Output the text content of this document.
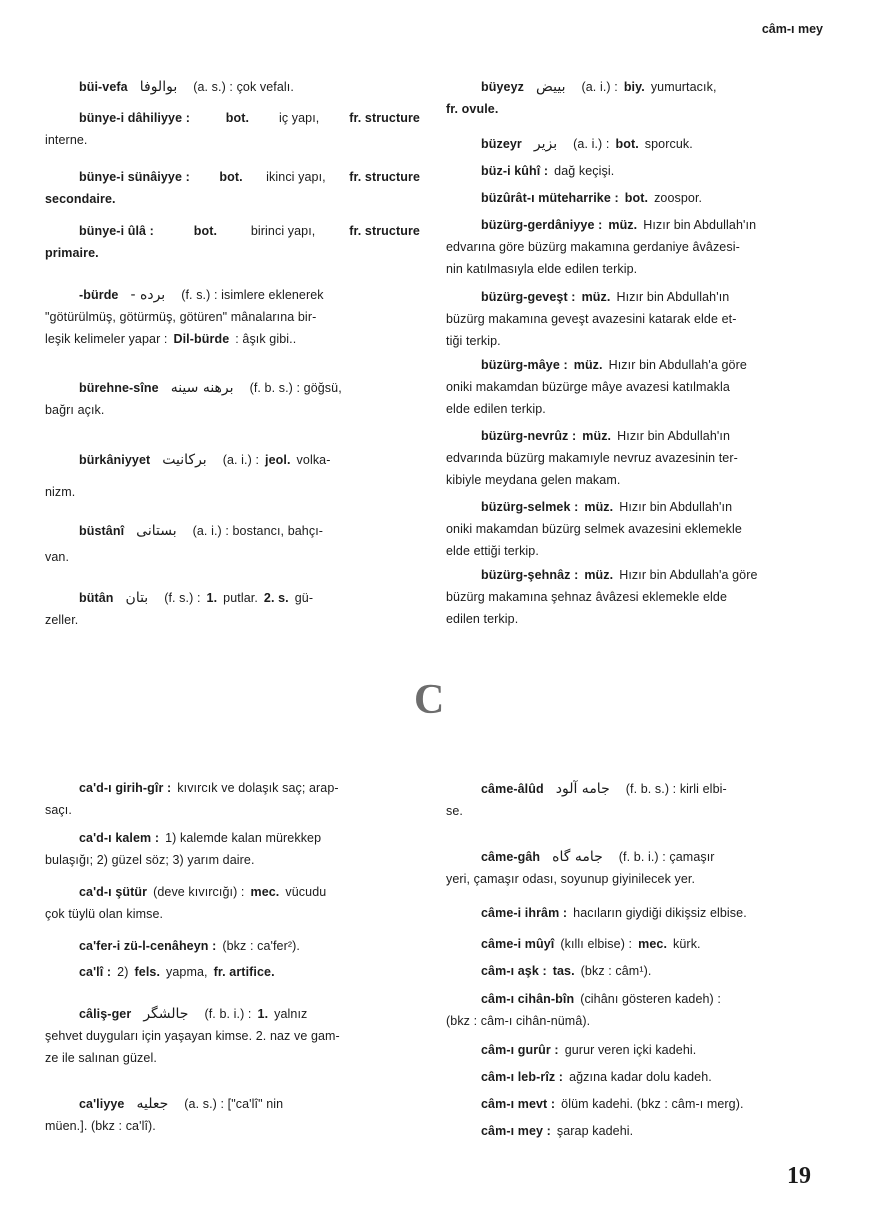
câm-ı mey
büi-vefa بوالوفا (a. s.) : çok vefalı.
bünye-i dâhiliyye :	bot. iç yapı, fr. structure
interne.
bünye-i sünâiyye : bot. ikinci yapı, fr. structure
secondaire.
bünye-i ûlâ :	bot.	birinci yapı,	fr. structure
primaire.
-bürde - برده (f. s.) : isimlere eklenerek
"götürülmüş, götürmüş, götüren" mânalarına bir-
leşik kelimeler yapar : Dil-bürde : âşık gibi..
bürehne-sîne برهنه سینه (f. b. s.) : göğsü,
bağrı açık.
bürkâniyyet برکانیت (a. i.) : jeol. volka-
nizm.
büstânî بستانی (a. i.) : bostancı, bahçı-
van.
bütân بتان (f. s.) : 1. putlar. 2. s. gü-
zeller.
büyeyz بییض (a. i.) : biy. yumurtacık,
fr. ovule.
büzeyr بزیر (a. i.) : bot. sporcuk.
büz-i kûhî : dağ keçişi.
büzûrât-ı müteharrike : bot. zoospor.
büzürg-gerdâniyye : müz. Hızır bin Abdullah'ın
edvarına göre büzürg makamına gerdaniye âvâzesi-
nin katılmasıyla elde edilen terkip.
büzürg-geveşt : müz. Hızır bin Abdullah'ın
büzürg makamına geveşt avazesini katarak elde et-
tiği terkip.
büzürg-mâye : müz. Hızır bin Abdullah'a göre
oniki makamdan büzürge mâye avazesi katılmakla
elde edilen terkip.
büzürg-nevrûz : müz. Hızır bin Abdullah'ın
edvarında büzürg makamıyle nevruz avazesinin ter-
kibiyle meydana gelen makam.
büzürg-selmek : müz. Hızır bin Abdullah'ın
oniki makamdan büzürg selmek avazesini eklemekle
elde ettiği terkip.
büzürg-şehnâz : müz. Hızır bin Abdullah'a göre
büzürg makamına şehnaz âvâzesi eklemekle elde
edilen terkip.
C
ca'd-ı girih-gîr : kıvırcık ve dolaşık saç; arap-
saçı.
ca'd-ı kalem : 1) kalemde kalan mürekkep
bulaşığı; 2) güzel söz; 3) yarım daire.
ca'd-ı şütür (deve kıvırcığı) : mec. vücudu
çok tüylü olan kimse.
ca'fer-i zü-l-cenâheyn : (bkz : ca'fer²).
ca'lî : 2) fels. yapma, fr. artifice.
câliş-ger جالشگر (f. b. i.) : 1. yalnız
şehvet duyguları için yaşayan kimse. 2. naz ve gam-
ze ile salınan güzel.
ca'liyye جعلیه (a. s.) : ["ca'lî" nin
müen.]. (bkz : ca'lî).
câme-âlûd جامه آلود (f. b. s.) : kirli elbi-
se.
câme-gâh جامه گاه (f. b. i.) : çamaşır
yeri, çamaşır odası, soyunup giyinilecek yer.
câme-i ihrâm : hacıların giydiği dikişsiz elbise.
câme-i mûyî (kıllı elbise) : mec. kürk.
câm-ı aşk : tas. (bkz : câm¹).
câm-ı cihân-bîn (cihânı gösteren kadeh) :
(bkz : câm-ı cihân-nümâ).
câm-ı gurûr : gurur veren içki kadehi.
câm-ı leb-rîz : ağzına kadar dolu kadeh.
câm-ı mevt : ölüm kadehi. (bkz : câm-ı merg).
câm-ı mey : şarap kadehi.
19
